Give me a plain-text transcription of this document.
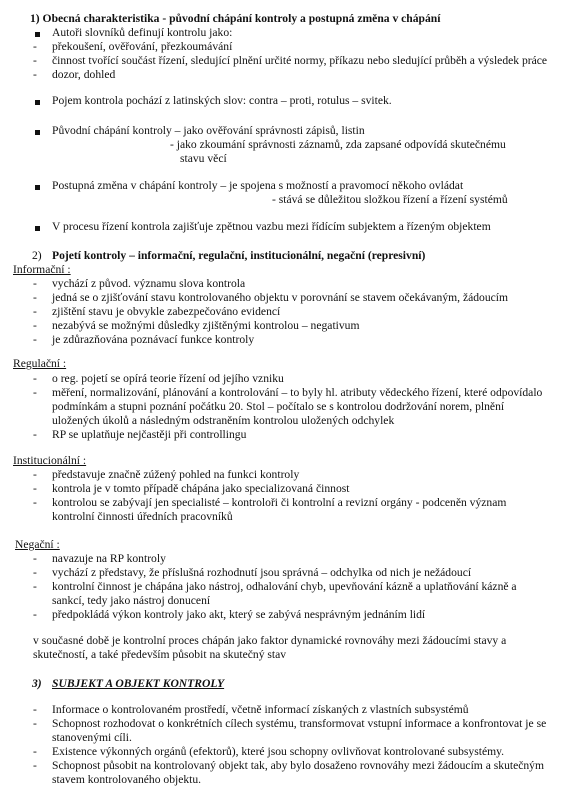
1) Obecná charakteristika - původní chápání kontroly a postupná změna v chápání
Autoři slovníků definují kontrolu jako:
- překoušení, ověřování, přezkoumávání
- činnost tvořící součást řízení, sledující plnění určité normy, příkazu nebo sledující průběh a výsledek práce
- dozor, dohled
Pojem kontrola pochází z latinských slov: contra – proti, rotulus – svitek.
Původní chápání kontroly – jako ověřování správnosti zápisů, listin
- jako zkoumání správnosti záznamů, zda zapsané odpovídá skutečnému
stavu věcí
Postupná změna v chápání kontroly – je spojena s možností a pravomocí někoho ovládat
- stává se důležitou složkou řízení a řízení systémů
V procesu řízení kontrola zajišťuje zpětnou vazbu mezi řídícím subjektem a řízeným objektem
2) Pojetí kontroly – informační, regulační, institucionální, negační (represivní)
Informační :
- vychází z původ. významu slova kontrola
- jedná se o zjišťování stavu kontrolovaného objektu v porovnání se stavem očekávaným, žádoucím
- zjištění stavu je obvykle zabezpečováno evidencí
- nezabývá se možnými důsledky zjištěnými kontrolou – negativum
- je zdůrazňována poznávací funkce kontroly
Regulační :
- o reg. pojetí se opírá teorie řízení od jejího vzniku
- měření, normalizování, plánování a kontrolování – to byly hl. atributy vědeckého řízení, které odpovídalo
podmínkám a stupni poznání počátku 20. Stol – počítalo se s kontrolou dodržování norem, plnění
uložených úkolů a následným odstraněním kontrolou uložených odchylek
- RP se uplatňuje nejčastěji při controllingu
Institucionální :
- představuje značně zúžený pohled na funkci kontroly
- kontrola je v tomto případě chápána jako specializovaná činnost
- kontrolou se zabývají jen specialisté – kontroloři či kontrolní a revizní orgány - podceněn význam
kontrolní činnosti úředních pracovníků
Negační :
- navazuje na RP kontroly
- vychází z představy, že příslušná rozhodnutí jsou správná – odchylka od nich je nežádoucí
- kontrolní činnost je chápána jako nástroj, odhalování chyb, upevňování kázně a uplatňování kázně a
sankcí, tedy jako nástroj donucení
- předpokládá výkon kontroly jako akt, který se zabývá nesprávným jednáním lidí
v současné době je kontrolní proces chápán jako faktor dynamické rovnováhy mezi žádoucími stavy a
skutečností, a také především působit na skutečný stav
3) SUBJEKT A OBJEKT KONTROLY
- Informace o kontrolovaném prostředí, včetně informací získaných z vlastních subsystémů
- Schopnost rozhodovat o konkrétních cílech systému, transformovat vstupní informace a konfrontovat je se
stanovenými cíli.
- Existence výkonných orgánů (efektorů), které jsou schopny ovlivňovat kontrolované subsystémy.
- Schopnost působit na kontrolovaný objekt tak, aby bylo dosaženo rovnováhy mezi žádoucím a skutečným
stavem kontrolovaného objektu.
